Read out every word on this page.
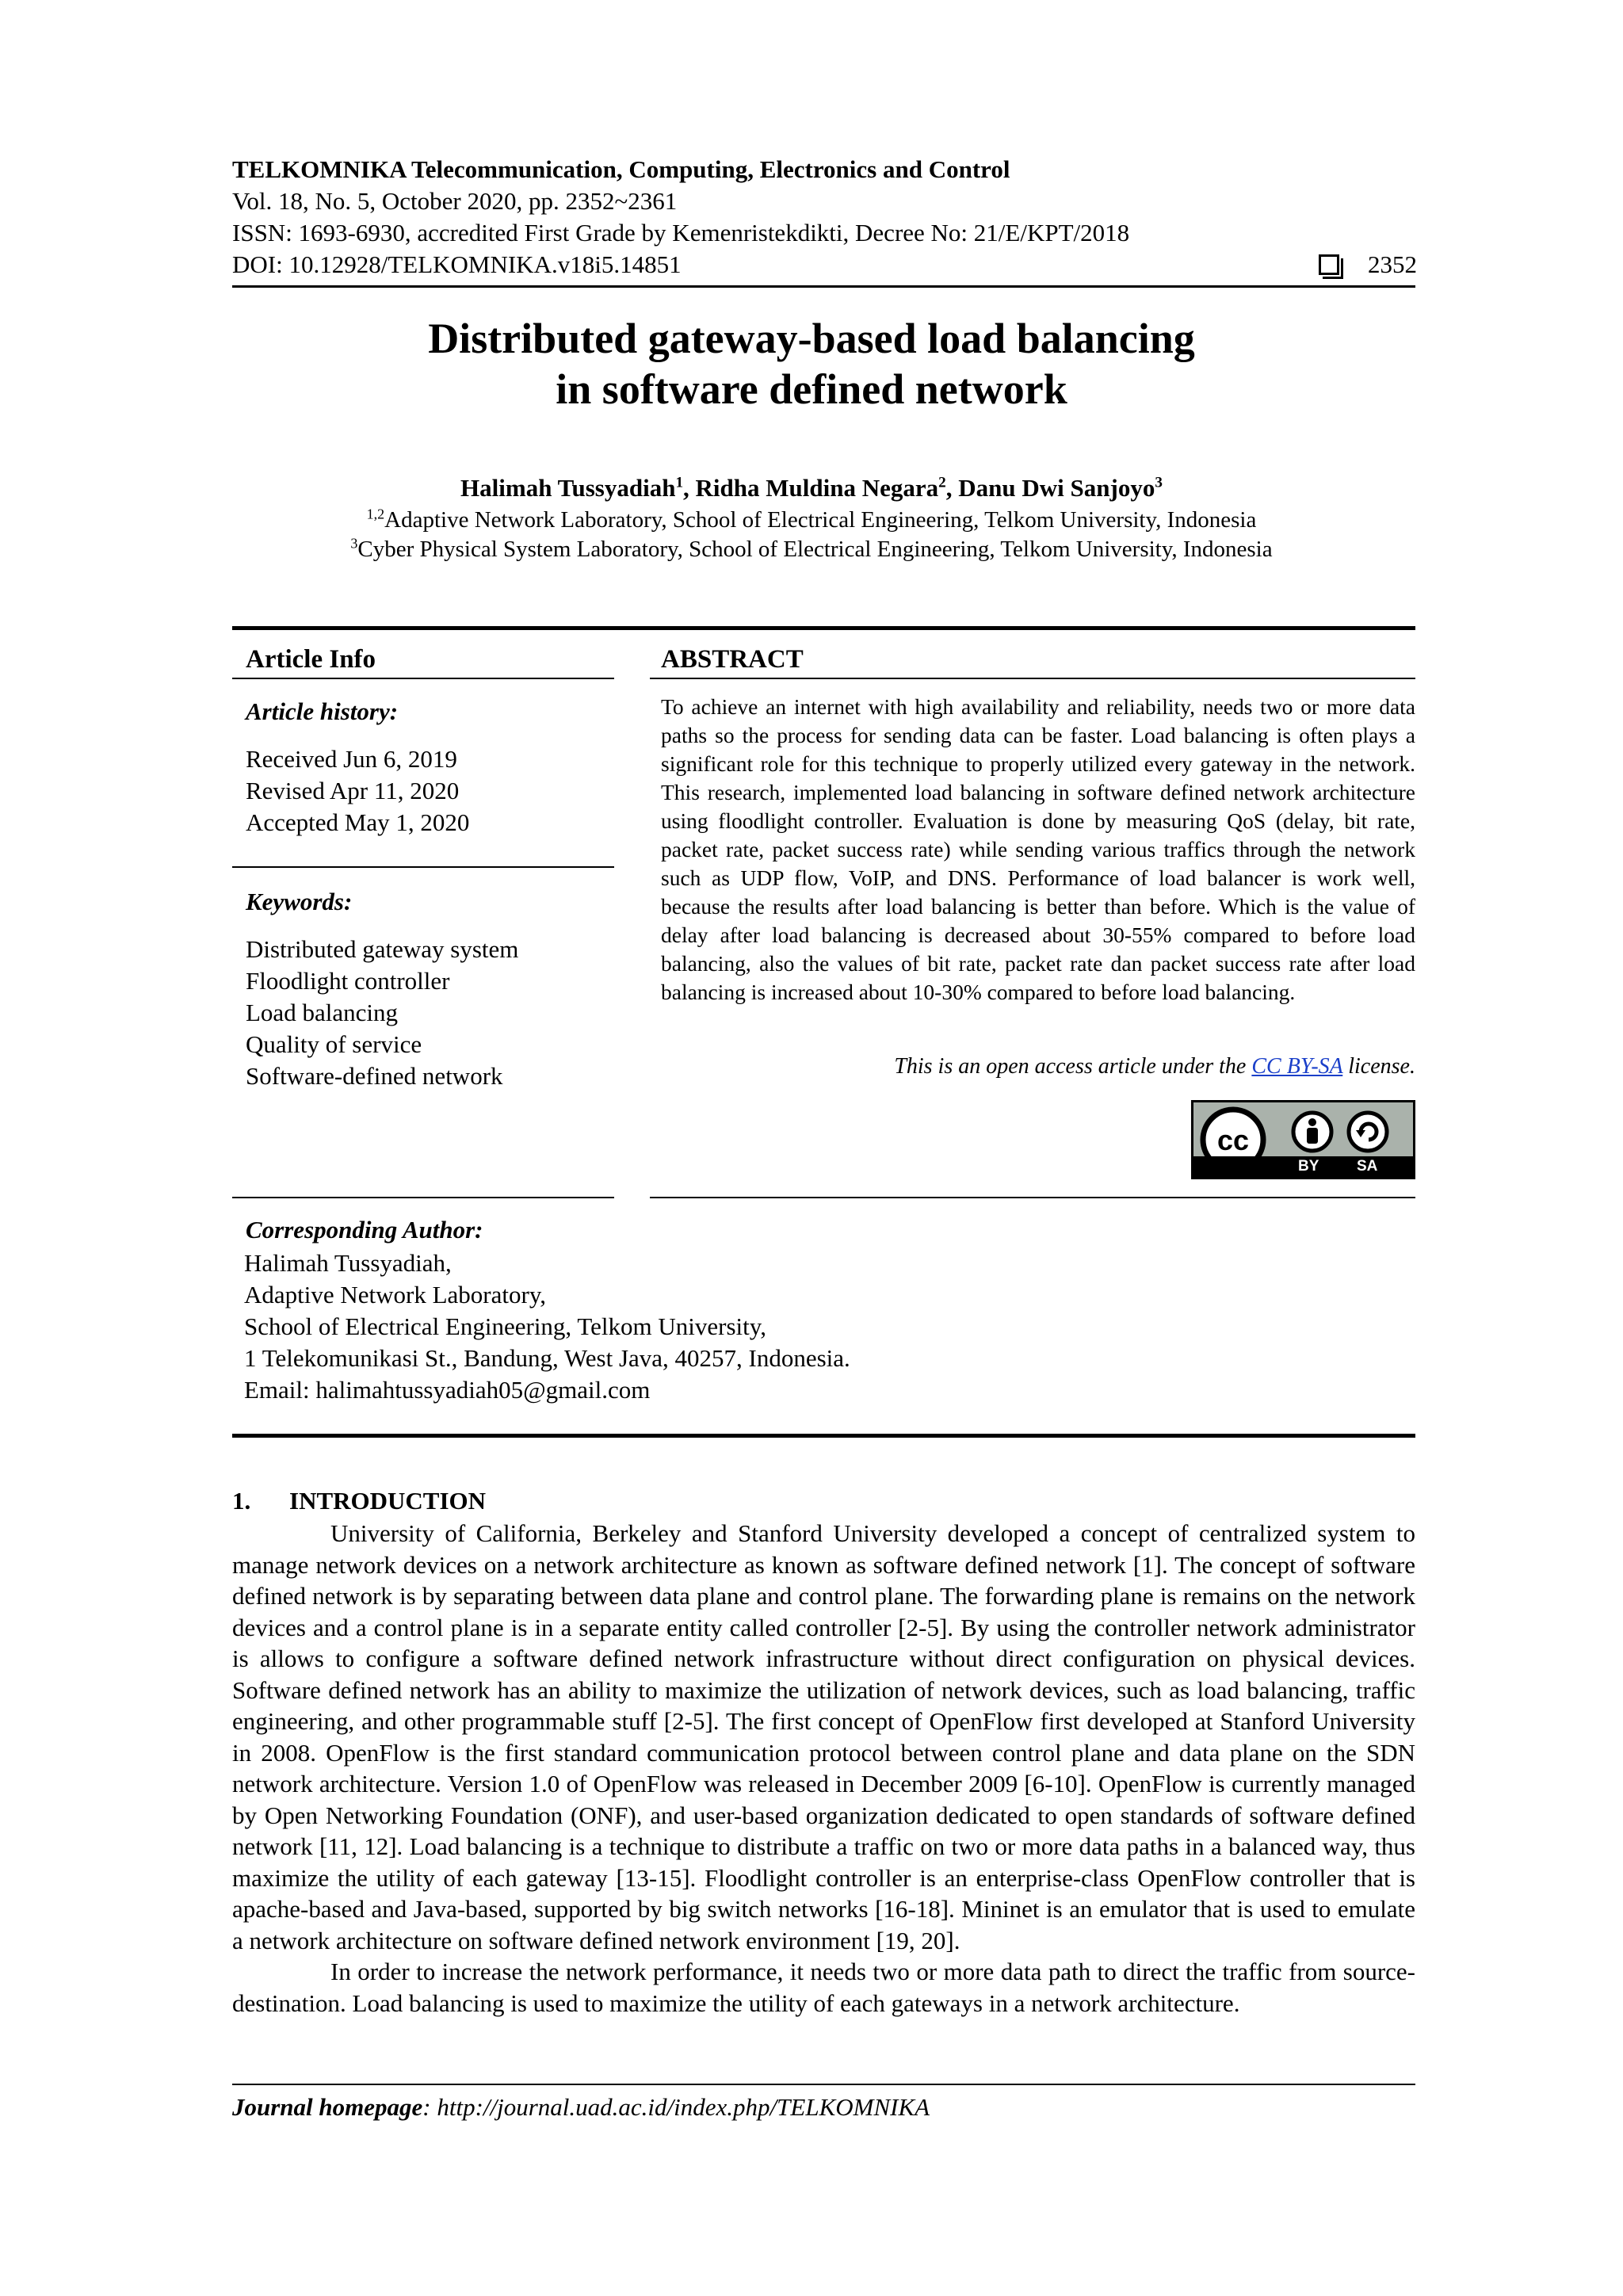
TELKOMNIKA Telecommunication, Computing, Electronics and Control
Vol. 18, No. 5, October 2020, pp. 2352~2361
ISSN: 1693-6930, accredited First Grade by Kemenristekdikti, Decree No: 21/E/KPT/2018
DOI: 10.12928/TELKOMNIKA.v18i5.14851	2352
Distributed gateway-based load balancing
in software defined network
Halimah Tussyadiah$^1$, Ridha Muldina Negara$^2$, Danu Dwi Sanjoyo$^3$
$^{1,2}$Adaptive Network Laboratory, School of Electrical Engineering, Telkom University, Indonesia
$^3$Cyber Physical System Laboratory, School of Electrical Engineering, Telkom University, Indonesia
Article Info
Article history:
Received Jun 6, 2019
Revised Apr 11, 2020
Accepted May 1, 2020
Keywords:
Distributed gateway system
Floodlight controller
Load balancing
Quality of service
Software-defined network
ABSTRACT
To achieve an internet with high availability and reliability, needs two or more data paths so the process for sending data can be faster. Load balancing is often plays a significant role for this technique to properly utilized every gateway in the network. This research, implemented load balancing in software defined network architecture using floodlight controller. Evaluation is done by measuring QoS (delay, bit rate, packet rate, packet success rate) while sending various traffics through the network such as UDP flow, VoIP, and DNS. Performance of load balancer is work well, because the results after load balancing is better than before. Which is the value of delay after load balancing is decreased about 30-55% compared to before load balancing, also the values of bit rate, packet rate dan packet success rate after load balancing is increased about 10-30% compared to before load balancing.
This is an open access article under the CC BY-SA license.
cc
BY	SA
Corresponding Author:
Halimah Tussyadiah,
Adaptive Network Laboratory,
School of Electrical Engineering, Telkom University,
1 Telekomunikasi St., Bandung, West Java, 40257, Indonesia.
Email: halimahtussyadiah05@gmail.com
1. INTRODUCTION

University of California, Berkeley and Stanford University developed a concept of centralized system to manage network devices on a network architecture as known as software defined network [1]. The concept of software defined network is by separating between data plane and control plane. The forwarding plane is remains on the network devices and a control plane is in a separate entity called controller [2-5]. By using the controller network administrator is allows to configure a software defined network infrastructure without direct configuration on physical devices. Software defined network has an ability to maximize the utilization of network devices, such as load balancing, traffic engineering, and other programmable stuff [2-5]. The first concept of OpenFlow first developed at Stanford University in 2008. OpenFlow is the first standard communication protocol between control plane and data plane on the SDN network architecture. Version 1.0 of OpenFlow was released in December 2009 [6-10]. OpenFlow is currently managed by Open Networking Foundation (ONF), and user-based organization dedicated to open standards of software defined network [11, 12]. Load balancing is a technique to distribute a traffic on two or more data paths in a balanced way, thus maximize the utility of each gateway [13-15]. Floodlight controller is an enterprise-class OpenFlow controller that is apache-based and Java-based, supported by big switch networks [16-18]. Mininet is an emulator that is used to emulate a network architecture on software defined network environment [19, 20].

In order to increase the network performance, it needs two or more data path to direct the traffic from source-destination. Load balancing is used to maximize the utility of each gateways in a network architecture.

Journal homepage: http://journal.uad.ac.id/index.php/TELKOMNIKA
